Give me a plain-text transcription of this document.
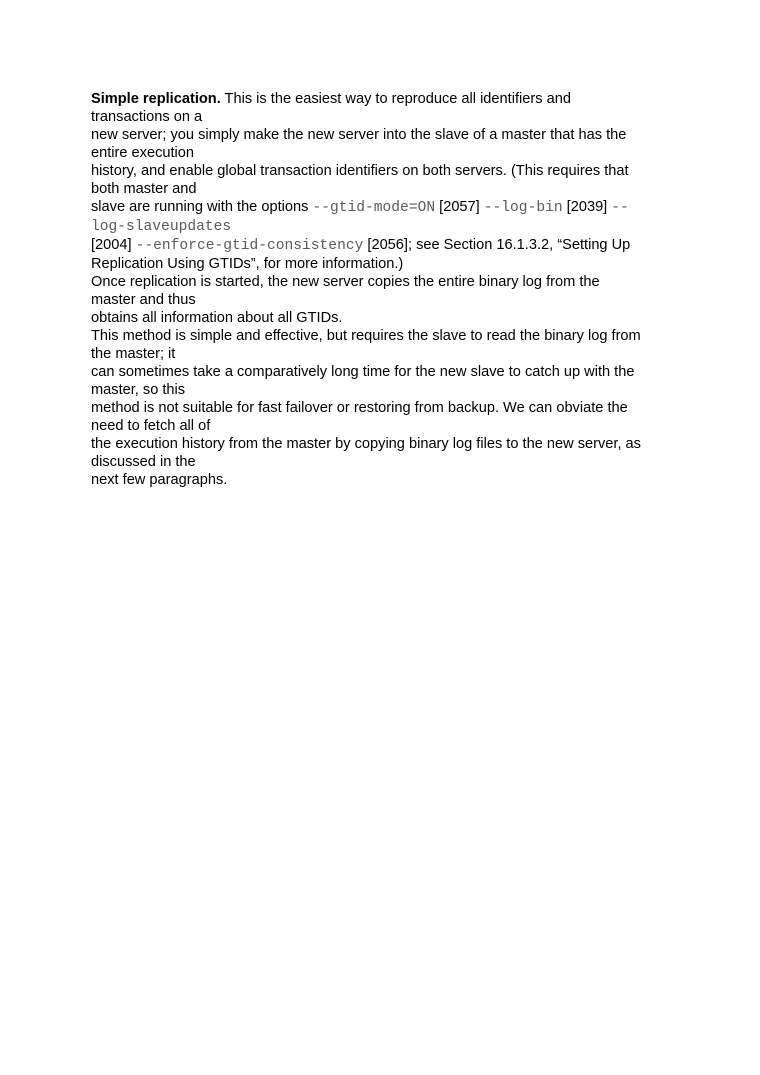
Simple replication. This is the easiest way to reproduce all identifiers and
transactions on a
new server; you simply make the new server into the slave of a master that has the
entire execution
history, and enable global transaction identifiers on both servers. (This requires that
both master and
slave are running with the options --gtid-mode=ON [2057] --log-bin [2039] --
log-slaveupdates
[2004] --enforce-gtid-consistency [2056]; see Section 16.1.3.2, “Setting Up
Replication Using GTIDs”, for more information.)
Once replication is started, the new server copies the entire binary log from the
master and thus
obtains all information about all GTIDs.
This method is simple and effective, but requires the slave to read the binary log from
the master; it
can sometimes take a comparatively long time for the new slave to catch up with the
master, so this
method is not suitable for fast failover or restoring from backup. We can obviate the
need to fetch all of
the execution history from the master by copying binary log files to the new server, as
discussed in the
next few paragraphs.
